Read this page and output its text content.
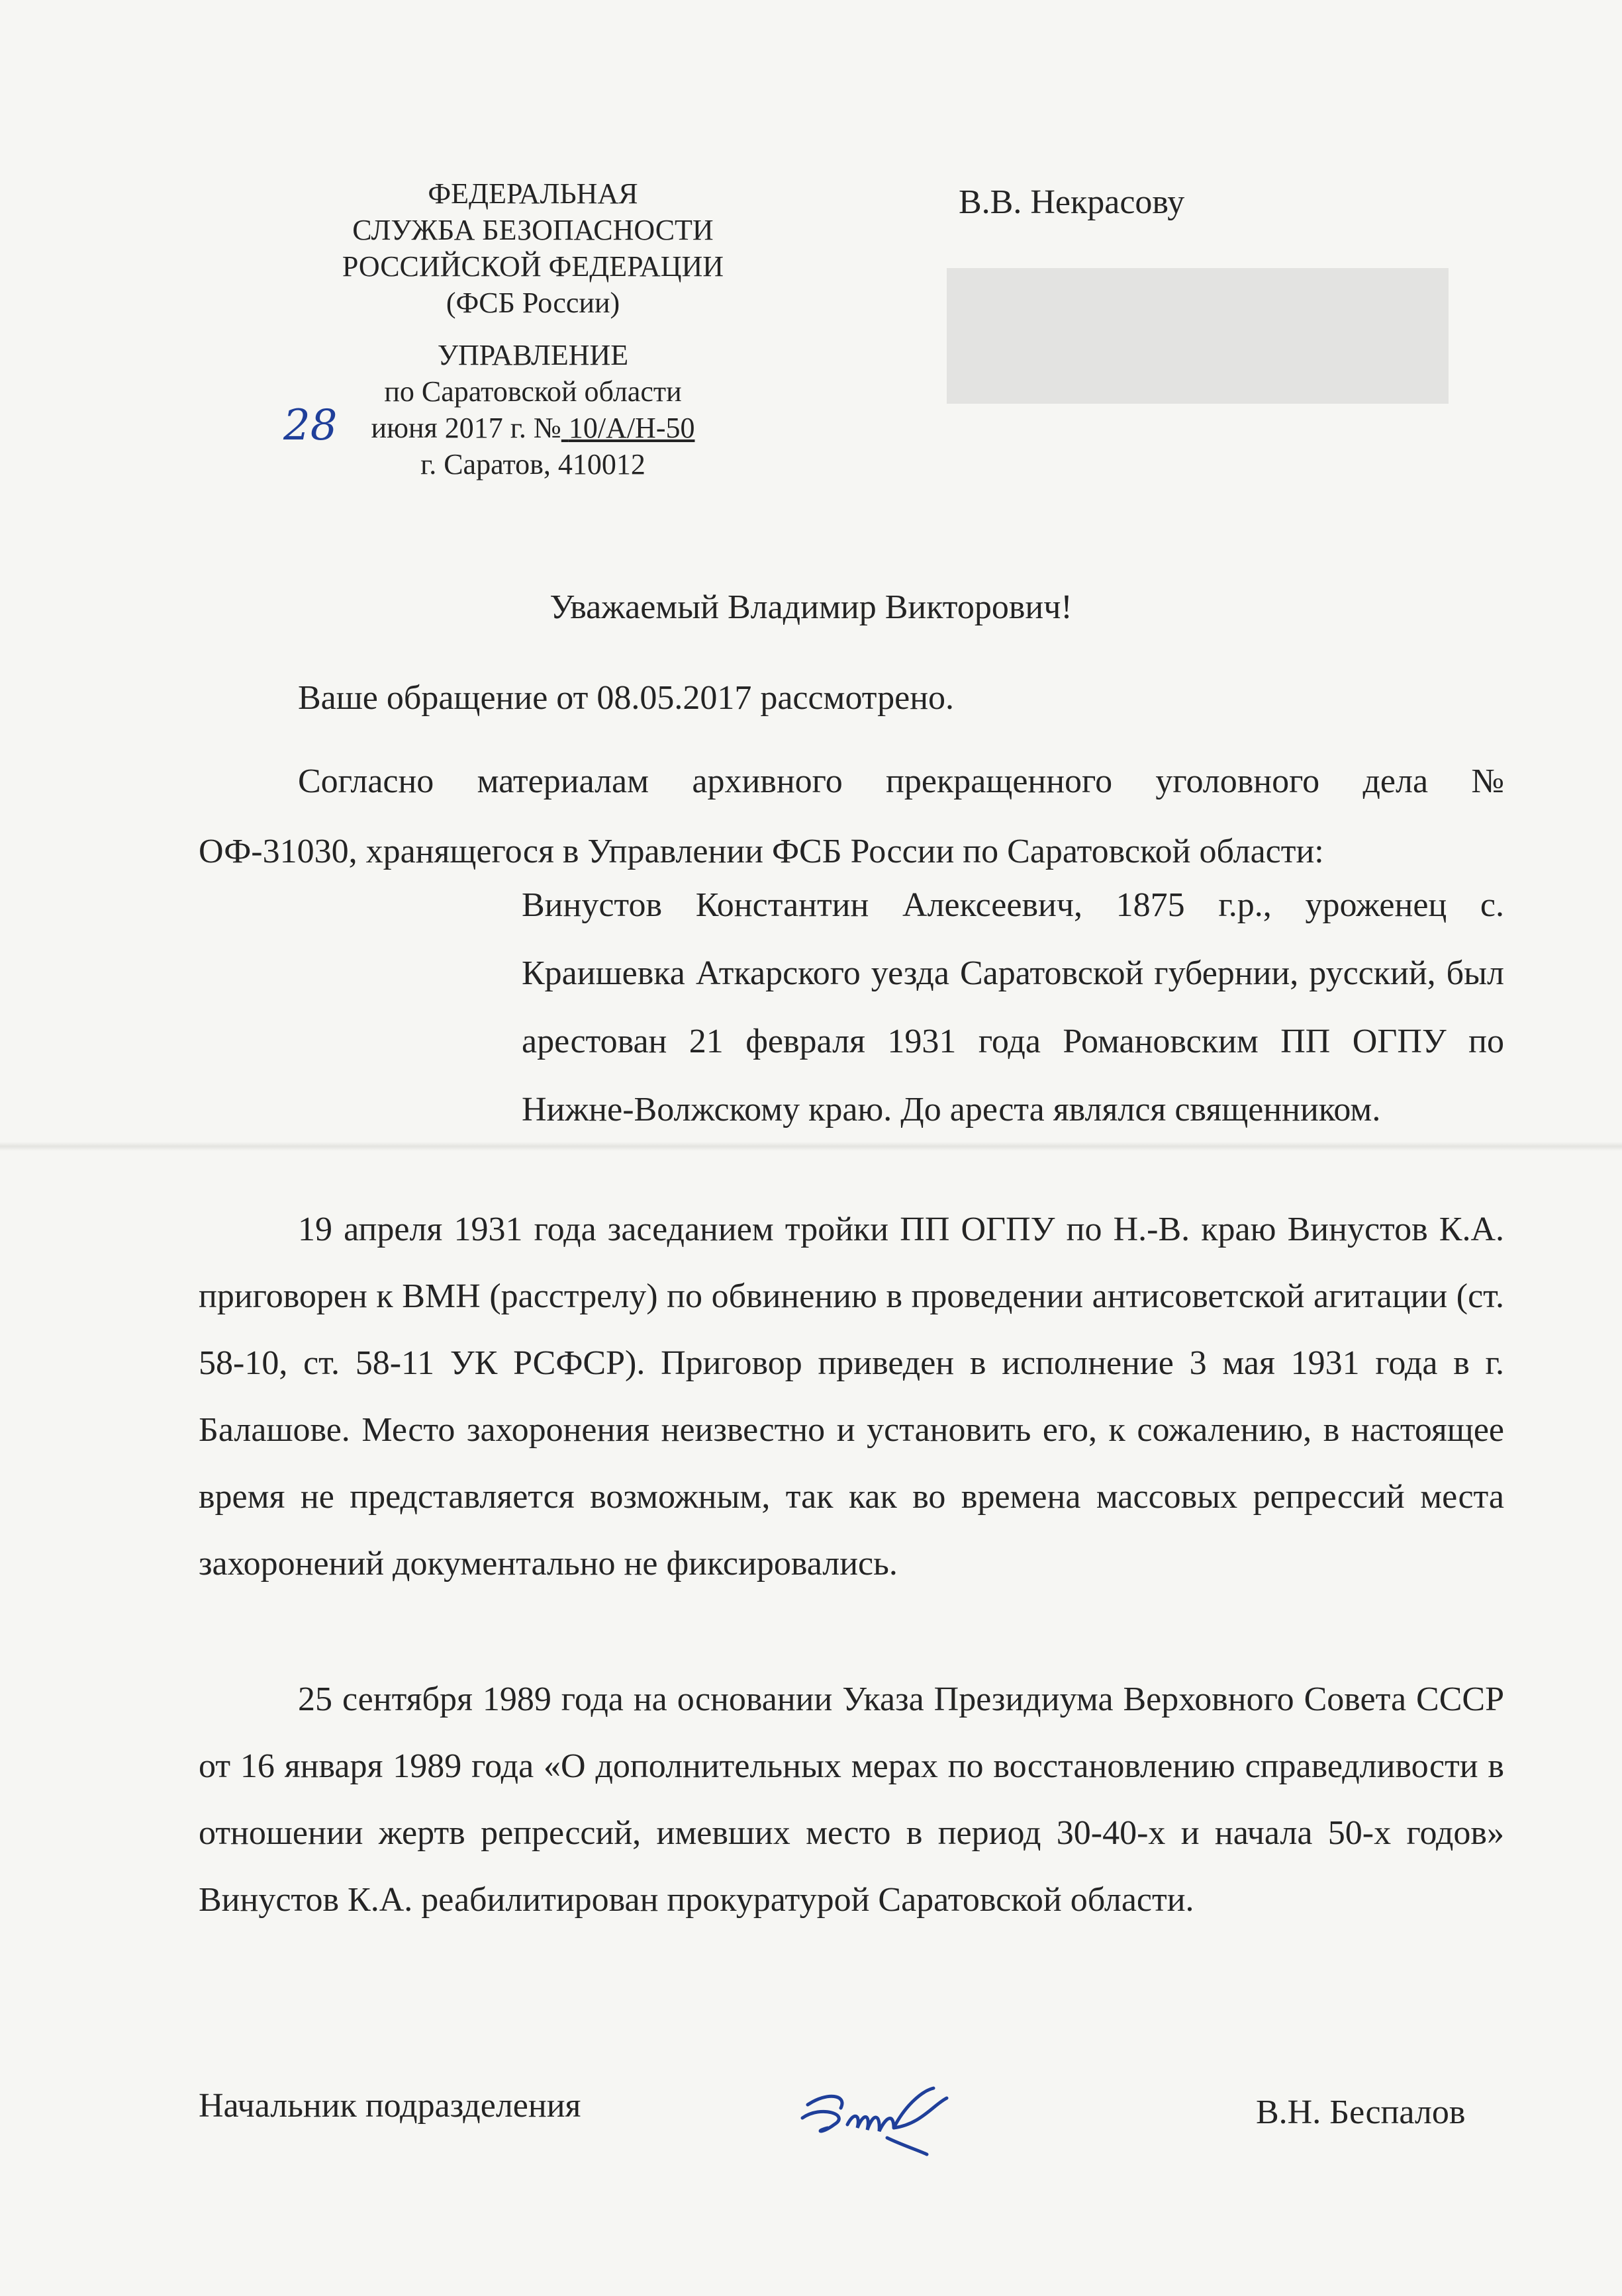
ФЕДЕРАЛЬНАЯ
СЛУЖБА БЕЗОПАСНОСТИ
РОССИЙСКОЙ ФЕДЕРАЦИИ
(ФСБ России)
УПРАВЛЕНИЕ
по Саратовской области
июня 2017 г. № 10/А/Н-50
г. Саратов, 410012
28
В.В. Некрасову
Уважаемый Владимир Викторович!

Ваше обращение от 08.05.2017 рассмотрено.

Согласно материалам архивного прекращенного уголовного дела №
ОФ-31030, хранящегося в Управлении ФСБ России по Саратовской области:

Винустов Константин Алексеевич, 1875 г.р., уроженец с. Краишевка Аткарского уезда Саратовской губернии, русский, был арестован 21 февраля 1931 года Романовским ПП ОГПУ по Нижне-Волжскому краю. До ареста являлся священником.

19 апреля 1931 года заседанием тройки ПП ОГПУ по Н.-В. краю Винустов К.А. приговорен к ВМН (расстрелу) по обвинению в проведении антисоветской агитации (ст. 58-10, ст. 58-11 УК РСФСР). Приговор приведен в исполнение 3 мая 1931 года в г. Балашове. Место захоронения неизвестно и установить его, к сожалению, в настоящее время не представляется возможным, так как во времена массовых репрессий места захоронений документально не фиксировались.

25 сентября 1989 года на основании Указа Президиума Верховного Совета СССР от 16 января 1989 года «О дополнительных мерах по восстановлению справедливости в отношении жертв репрессий, имевших место в период 30-40-х и начала 50-х годов» Винустов К.А. реабилитирован прокуратурой Саратовской области.

Начальник подразделения	В.Н. Беспалов
